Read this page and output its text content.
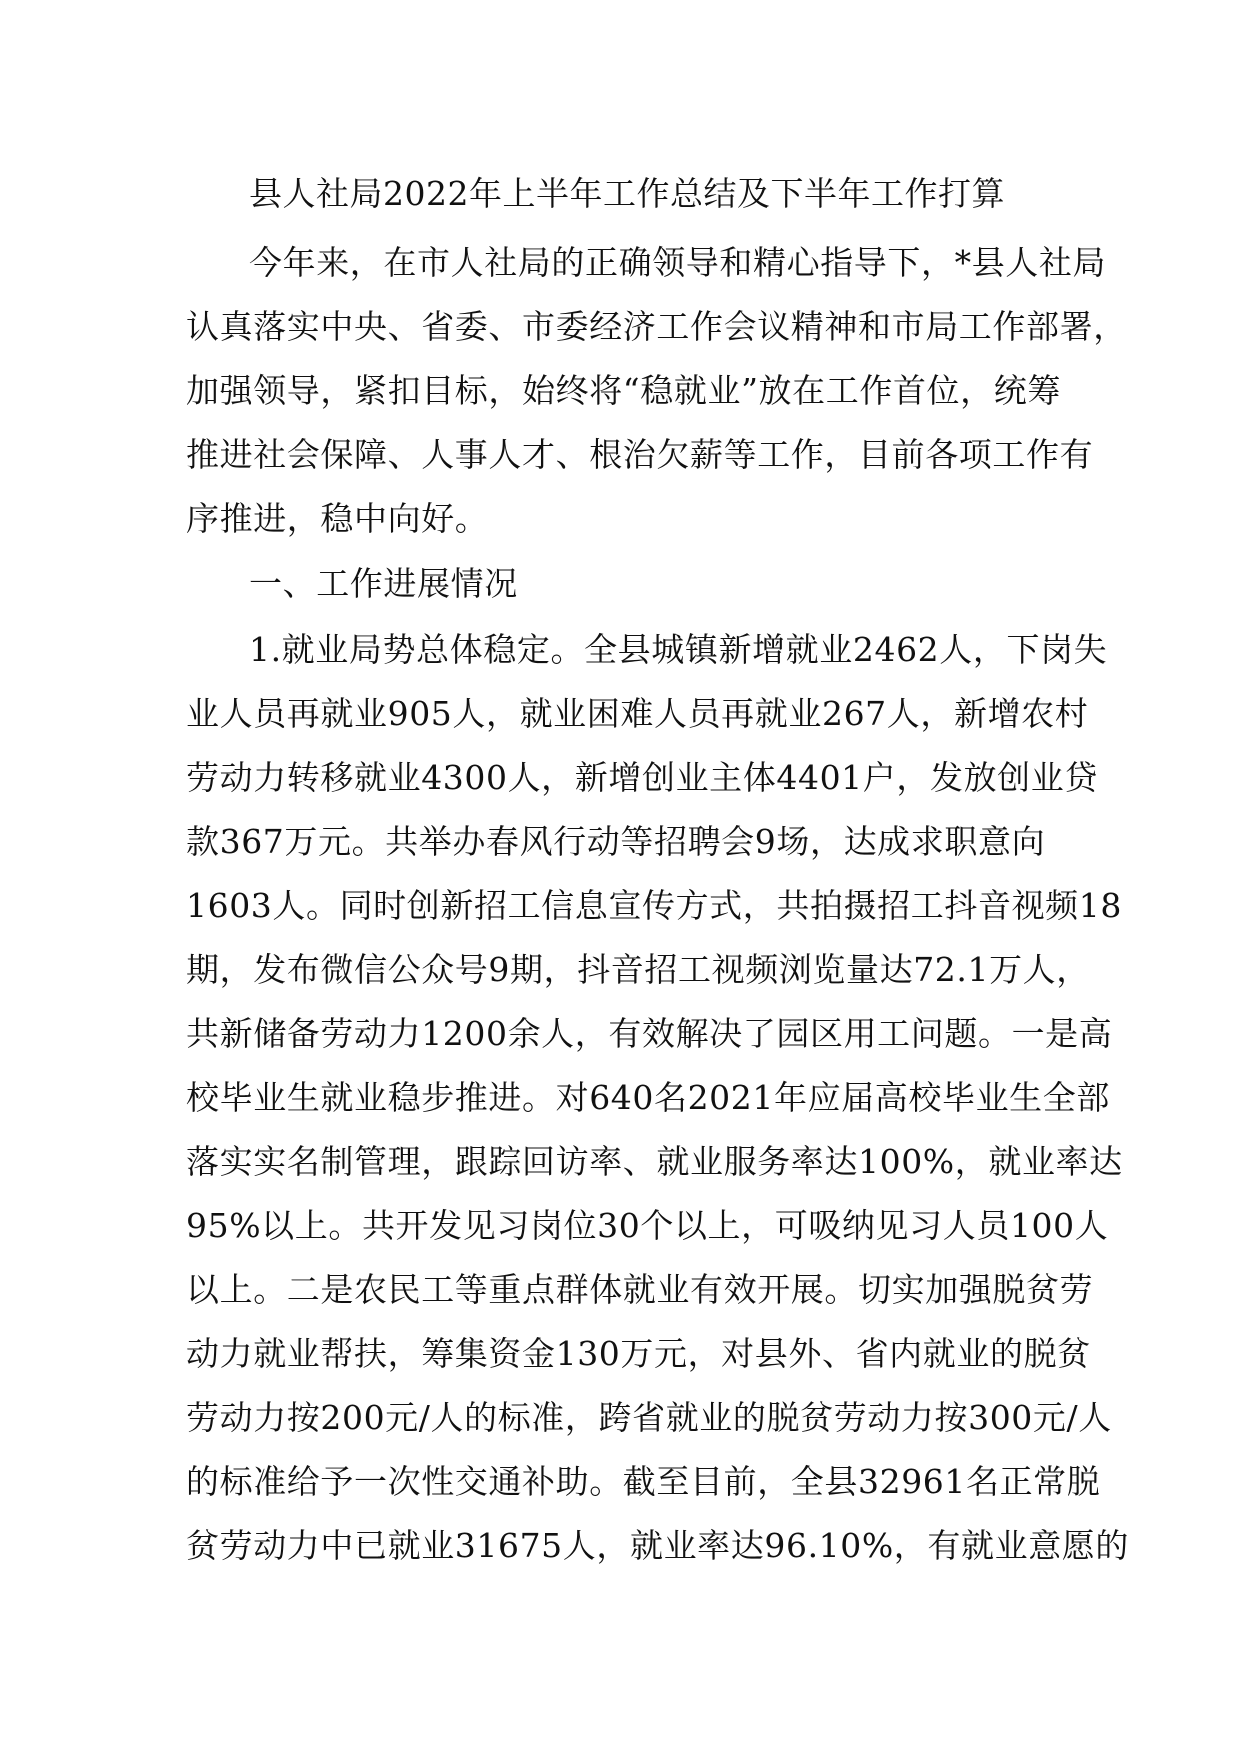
县人社局2022年上半年工作总结及下半年工作打算
今年来，在市人社局的正确领导和精心指导下，*县人社局
认真落实中央、省委、市委经济工作会议精神和市局工作部署，
加强领导，紧扣目标，始终将“稳就业”放在工作首位，统筹
推进社会保障、人事人才、根治欠薪等工作，目前各项工作有
序推进，稳中向好。
一、工作进展情况
1.就业局势总体稳定。全县城镇新增就业2462人，下岗失
业人员再就业905人，就业困难人员再就业267人，新增农村
劳动力转移就业4300人，新增创业主体4401户，发放创业贷
款367万元。共举办春风行动等招聘会9场，达成求职意向
1603人。同时创新招工信息宣传方式，共拍摄招工抖音视频18
期，发布微信公众号9期，抖音招工视频浏览量达72.1万人，
共新储备劳动力1200余人，有效解决了园区用工问题。一是高
校毕业生就业稳步推进。对640名2021年应届高校毕业生全部
落实实名制管理，跟踪回访率、就业服务率达100%，就业率达
95%以上。共开发见习岗位30个以上，可吸纳见习人员100人
以上。二是农民工等重点群体就业有效开展。切实加强脱贫劳
动力就业帮扶，筹集资金130万元，对县外、省内就业的脱贫
劳动力按200元/人的标准，跨省就业的脱贫劳动力按300元/人
的标准给予一次性交通补助。截至目前，全县32961名正常脱
贫劳动力中已就业31675人，就业率达96.10%，有就业意愿的
